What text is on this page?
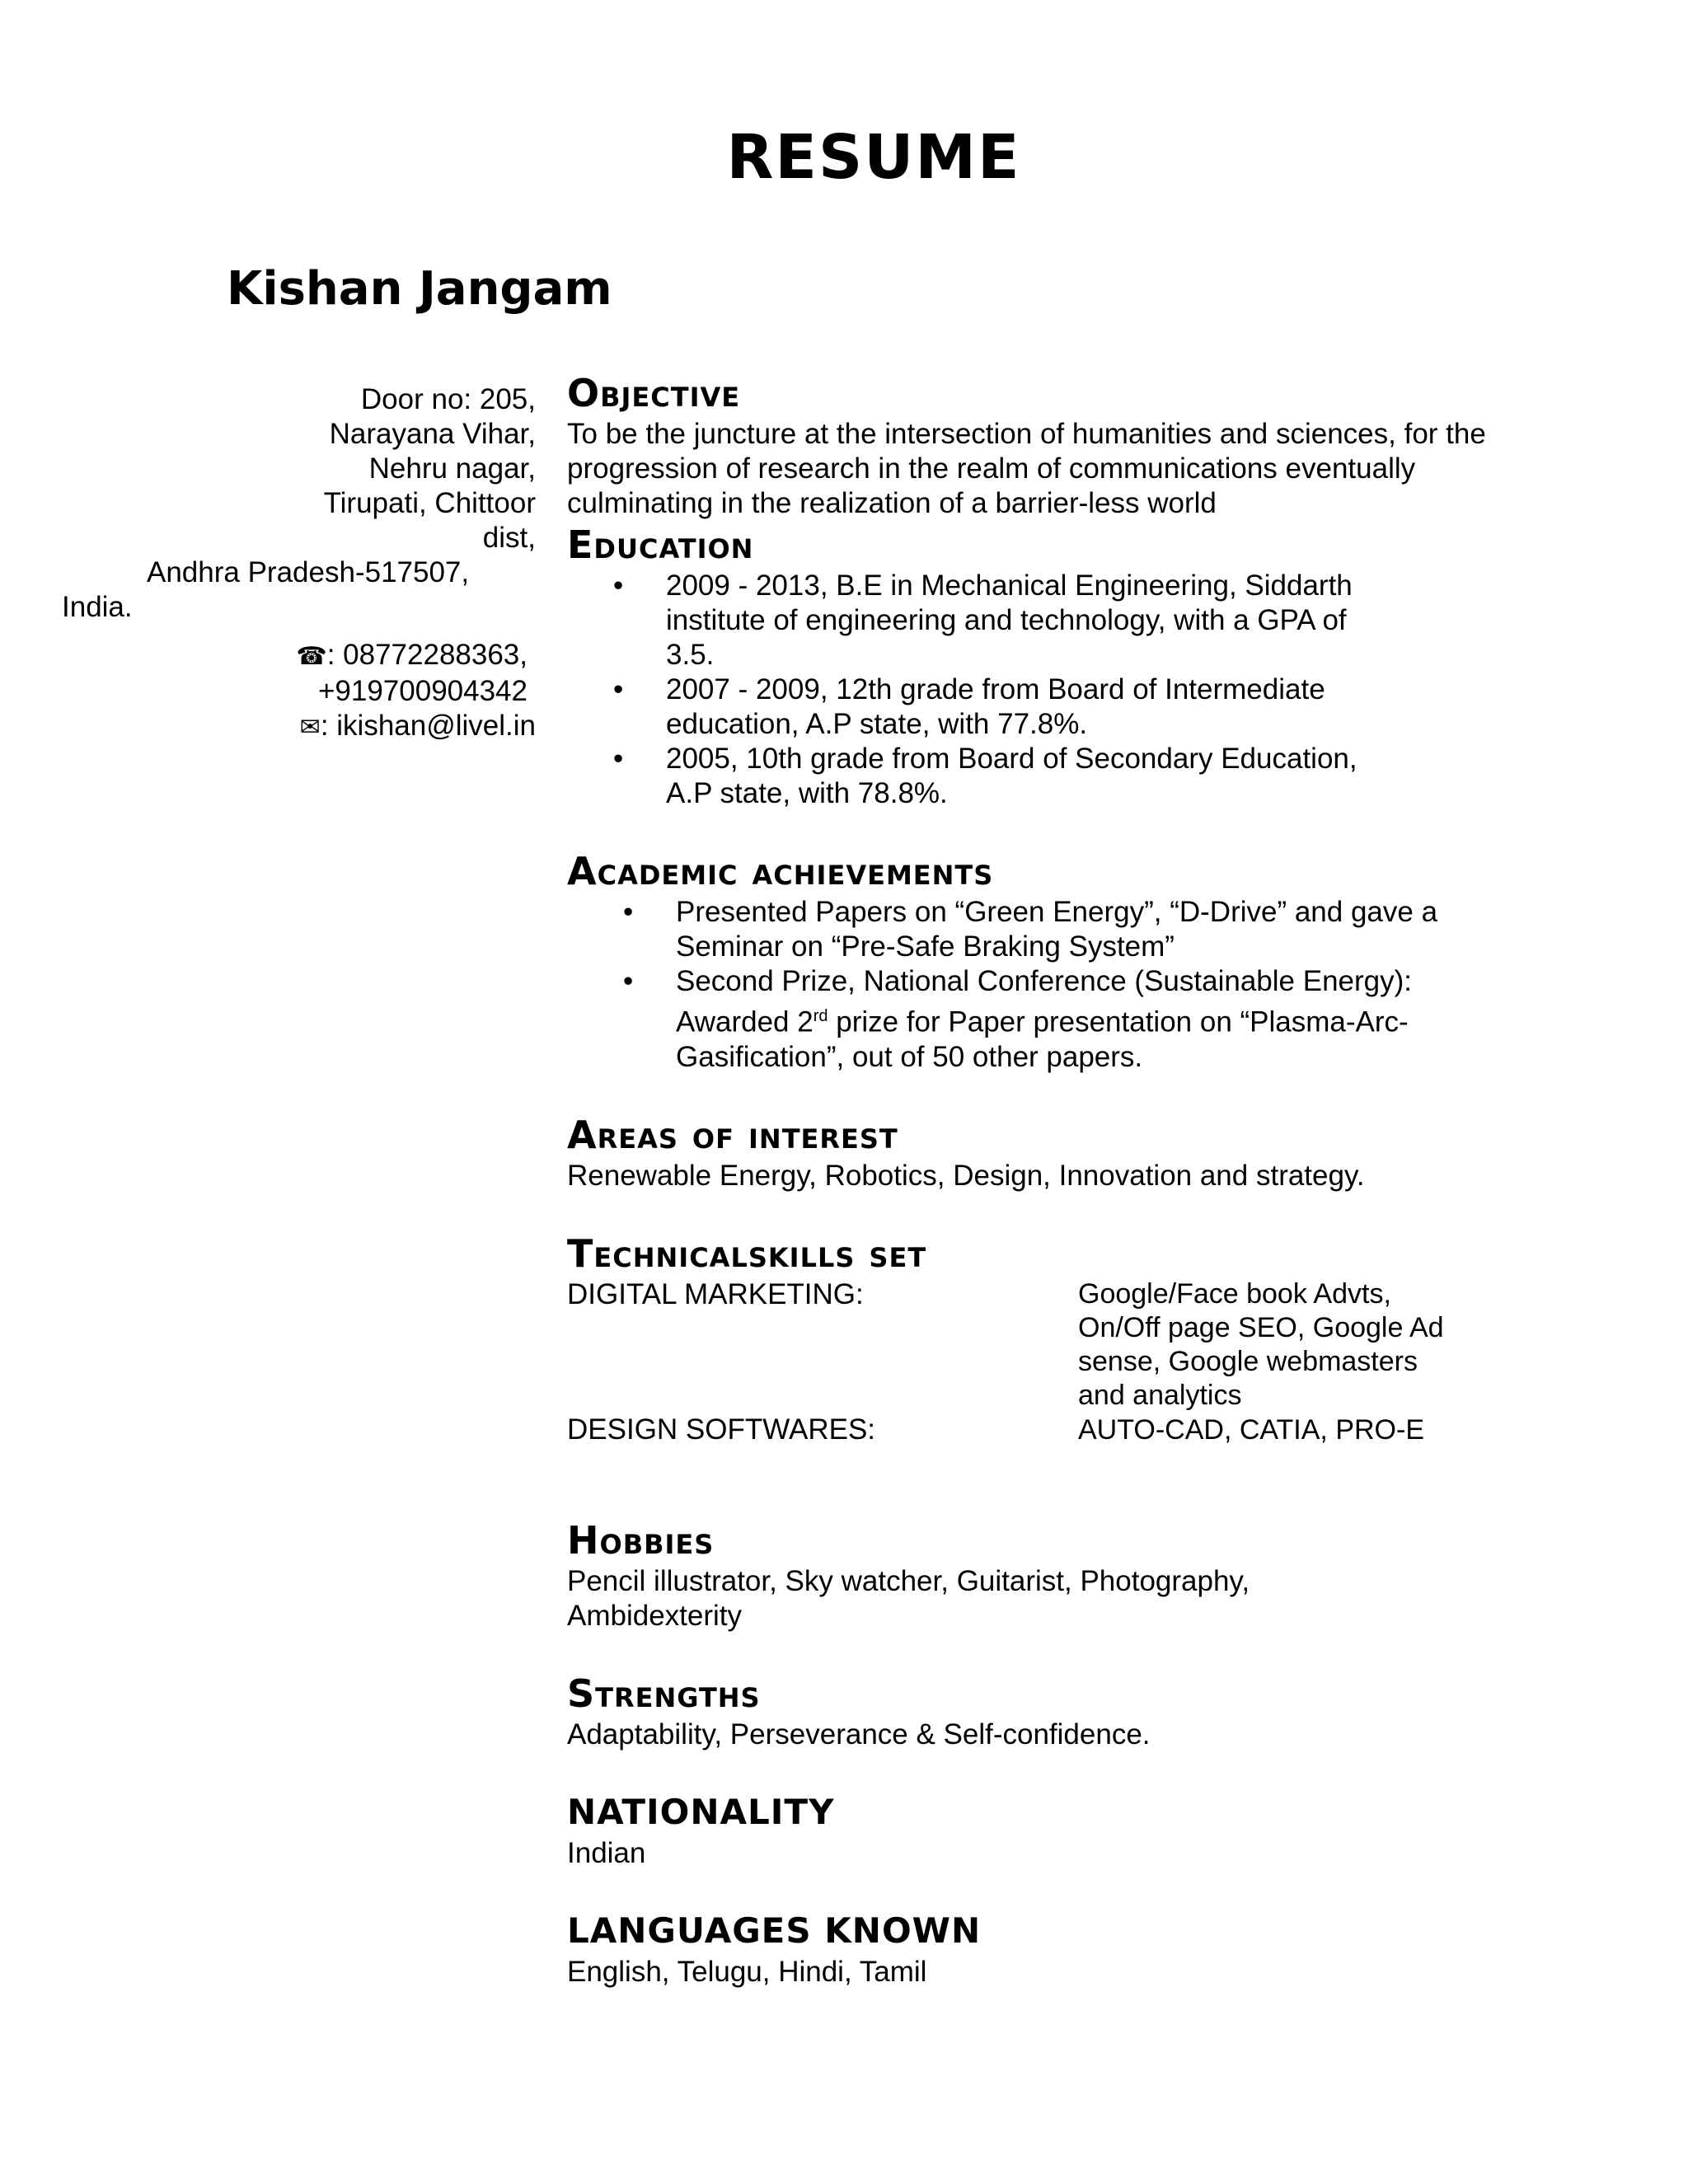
RESUME
Kishan Jangam
Door no: 205,
Narayana Vihar,
Nehru nagar,
Tirupati, Chittoor
dist,
Andhra Pradesh-517507,
India.
☎: 08772288363,
+919700904342
✉: ikishan@livel.in
Objective

To be the juncture at the intersection of humanities and sciences, for the progression of research in the realm of communications eventually culminating in the realization of a barrier-less world

Education
• 2009 - 2013, B.E in Mechanical Engineering, Siddarth institute of engineering and technology, with a GPA of 3.5.
• 2007 - 2009, 12th grade from Board of Intermediate education, A.P state, with 77.8%.
• 2005, 10th grade from Board of Secondary Education, A.P state, with 78.8%.
Academic achievements
• Presented Papers on “Green Energy”, “D-Drive” and gave a Seminar on “Pre-Safe Braking System”
• Second Prize, National Conference (Sustainable Energy): Awarded 2rd prize for Paper presentation on “Plasma-Arc-Gasification”, out of 50 other papers.
Areas of interest

Renewable Energy, Robotics, Design, Innovation and strategy.

Technicalskills set
DIGITAL MARKETING:	Google/Face book Advts, On/Off page SEO, Google Ad sense, Google webmasters and analytics
DESIGN SOFTWARES:	AUTO-CAD, CATIA, PRO-E
Hobbies

Pencil illustrator, Sky watcher, Guitarist, Photography, Ambidexterity

Strengths

Adaptability, Perseverance & Self-confidence.

NATIONALITY

Indian

LANGUAGES KNOWN

English, Telugu, Hindi, Tamil
